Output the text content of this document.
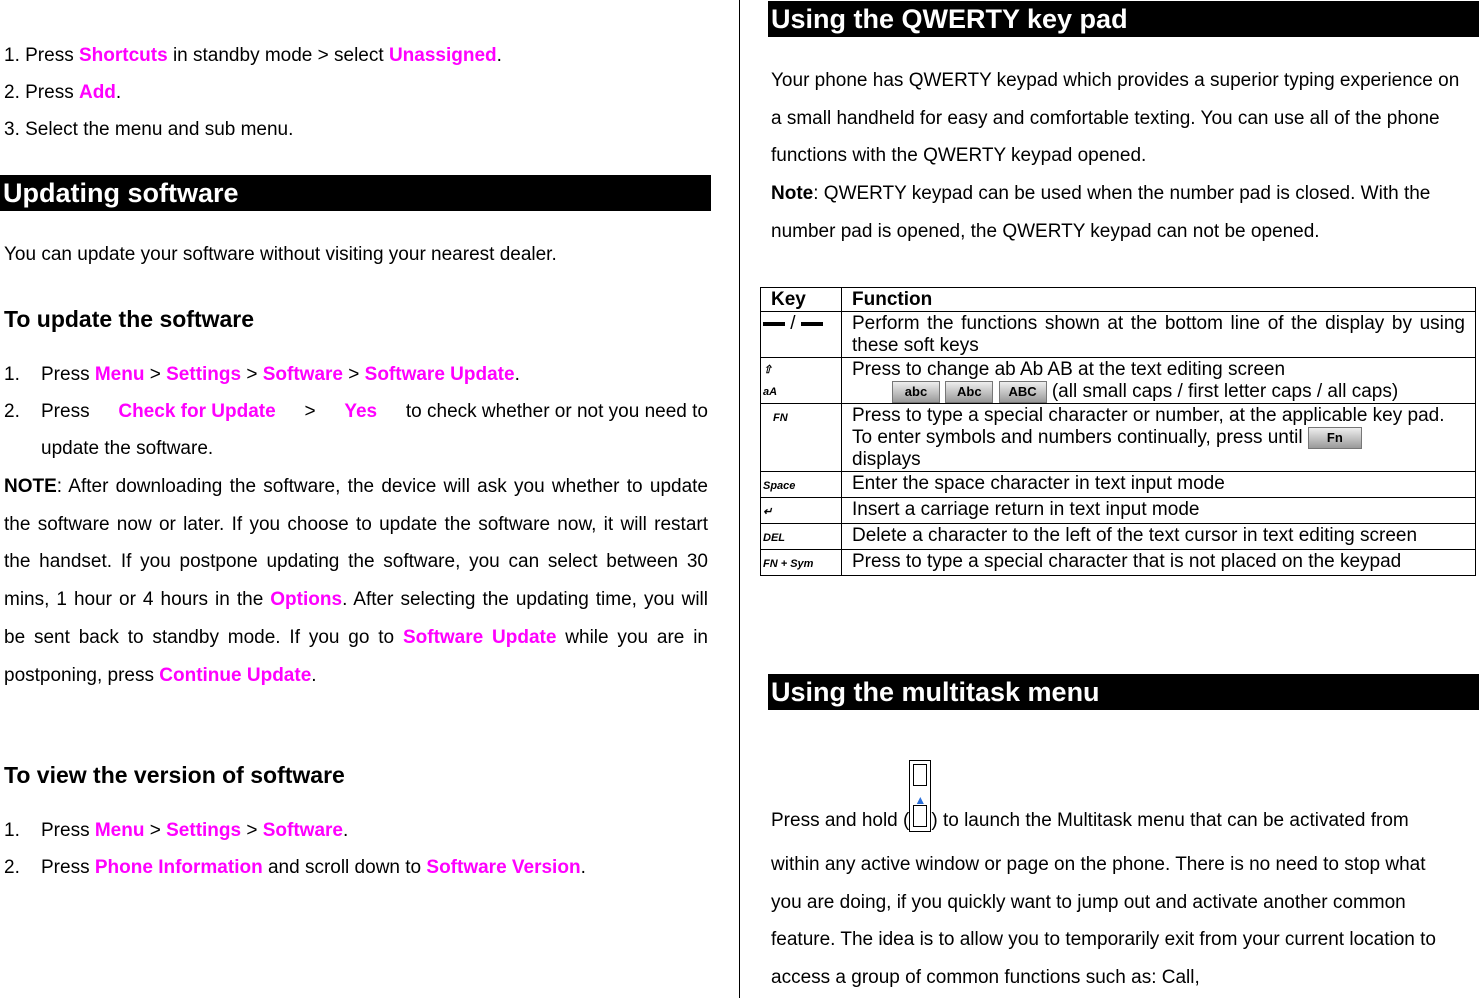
1. Press Shortcuts in standby mode > select Unassigned.
2. Press Add.
3. Select the menu and sub menu.
Updating software
You can update your software without visiting your nearest dealer.
To update the software
1. Press Menu > Settings > Software > Software Update.
2.	Press Check for Update > Yes to check whether or not you need to
update the software.
NOTE: After downloading the software, the device will ask you whether to update the software now or later. If you choose to update the software now, it will restart the handset. If you postpone updating the software, you can select between 30 mins, 1 hour or 4 hours in the Options. After selecting the updating time, you will be sent back to standby mode. If you go to Software Update while you are in postponing, press Continue Update.
To view the version of software
1. Press Menu > Settings > Software.
2. Press Phone Information and scroll down to Software Version.
Using the QWERTY key pad
Your phone has QWERTY keypad which provides a superior typing experience on a small handheld for easy and comfortable texting. You can use all of the phone functions with the QWERTY keypad opened.
Note: QWERTY keypad can be used when the number pad is closed. With the number pad is opened, the QWERTY keypad can not be opened.
Key	Function
/	Perform the functions shown at the bottom line of the display by using these soft keys
⇧
aA	Press to change ab Ab AB at the text editing screen
abc Abc ABC (all small caps / first letter caps / all caps)
FN	Press to type a special character or number, at the applicable key pad. To enter symbols and numbers continually, press until Fn
displays
Space	Enter the space character in text input mode
↵	Insert a carriage return in text input mode
DEL	Delete a character to the left of the text cursor in text editing screen
FN + Sym	Press to type a special character that is not placed on the keypad
Using the multitask menu
Press and hold (
▲
) to launch the Multitask menu that can be activated from
within any active window or page on the phone. There is no need to stop what you are doing, if you quickly want to jump out and activate another common feature. The idea is to allow you to temporarily exit from your current location to access a group of common functions such as: Call,
